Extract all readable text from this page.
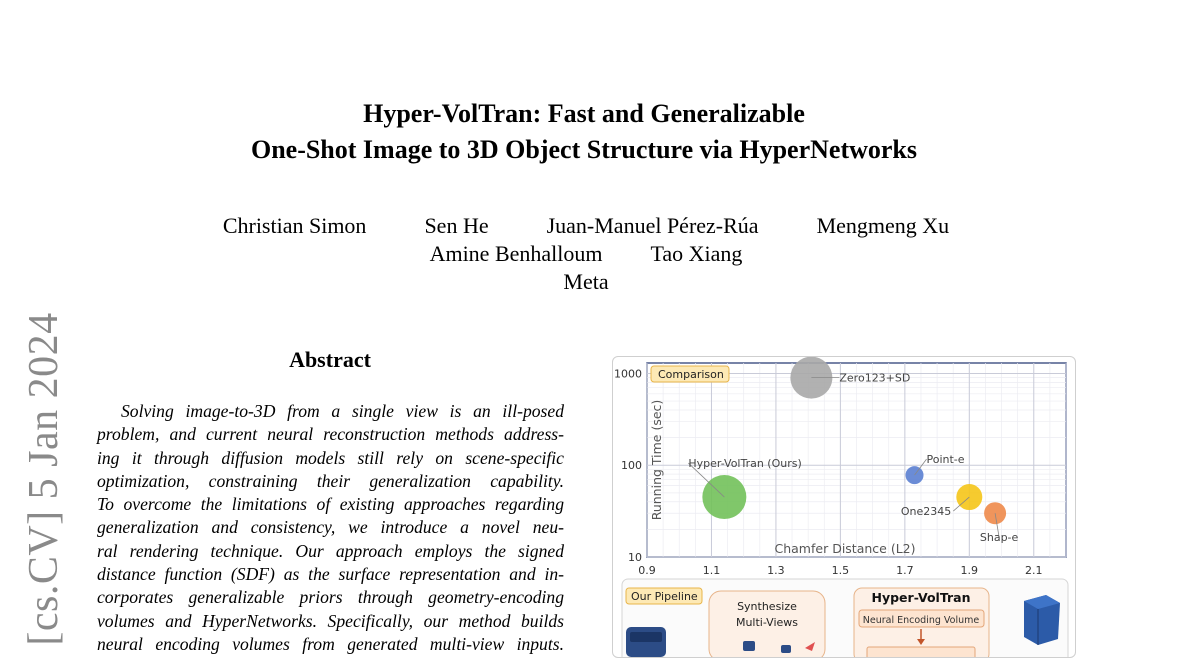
[cs.CV] 5 Jan 2024
Hyper-VolTran: Fast and Generalizable
One-Shot Image to 3D Object Structure via HyperNetworks
Christian Simon	Sen He	Juan-Manuel Pérez-Rúa	Mengmeng Xu
Amine Benhalloum Tao Xiang
Meta
Abstract
Solving image-to-3D from a single view is an ill-posed
problem, and current neural reconstruction methods address-
ing it through diffusion models still rely on scene-specific
optimization, constraining their generalization capability.
To overcome the limitations of existing approaches regarding
generalization and consistency, we introduce a novel neu-
ral rendering technique. Our approach employs the signed
distance function (SDF) as the surface representation and in-
corporates generalizable priors through geometry-encoding
volumes and HyperNetworks. Specifically, our method builds
neural encoding volumes from generated multi-view inputs.
0.9	1.1	1.3	1.5	1.7	1.9	2.1
10
100
1000
Chamfer Distance (L2)
Running Time (sec) Hyper-VolTran (Ours)
Zero123+SD
Point-e
One2345
Shap-e
Comparison
Our Pipeline
Synthesize
Multi-Views
Hyper-VolTran
Neural Encoding Volume
